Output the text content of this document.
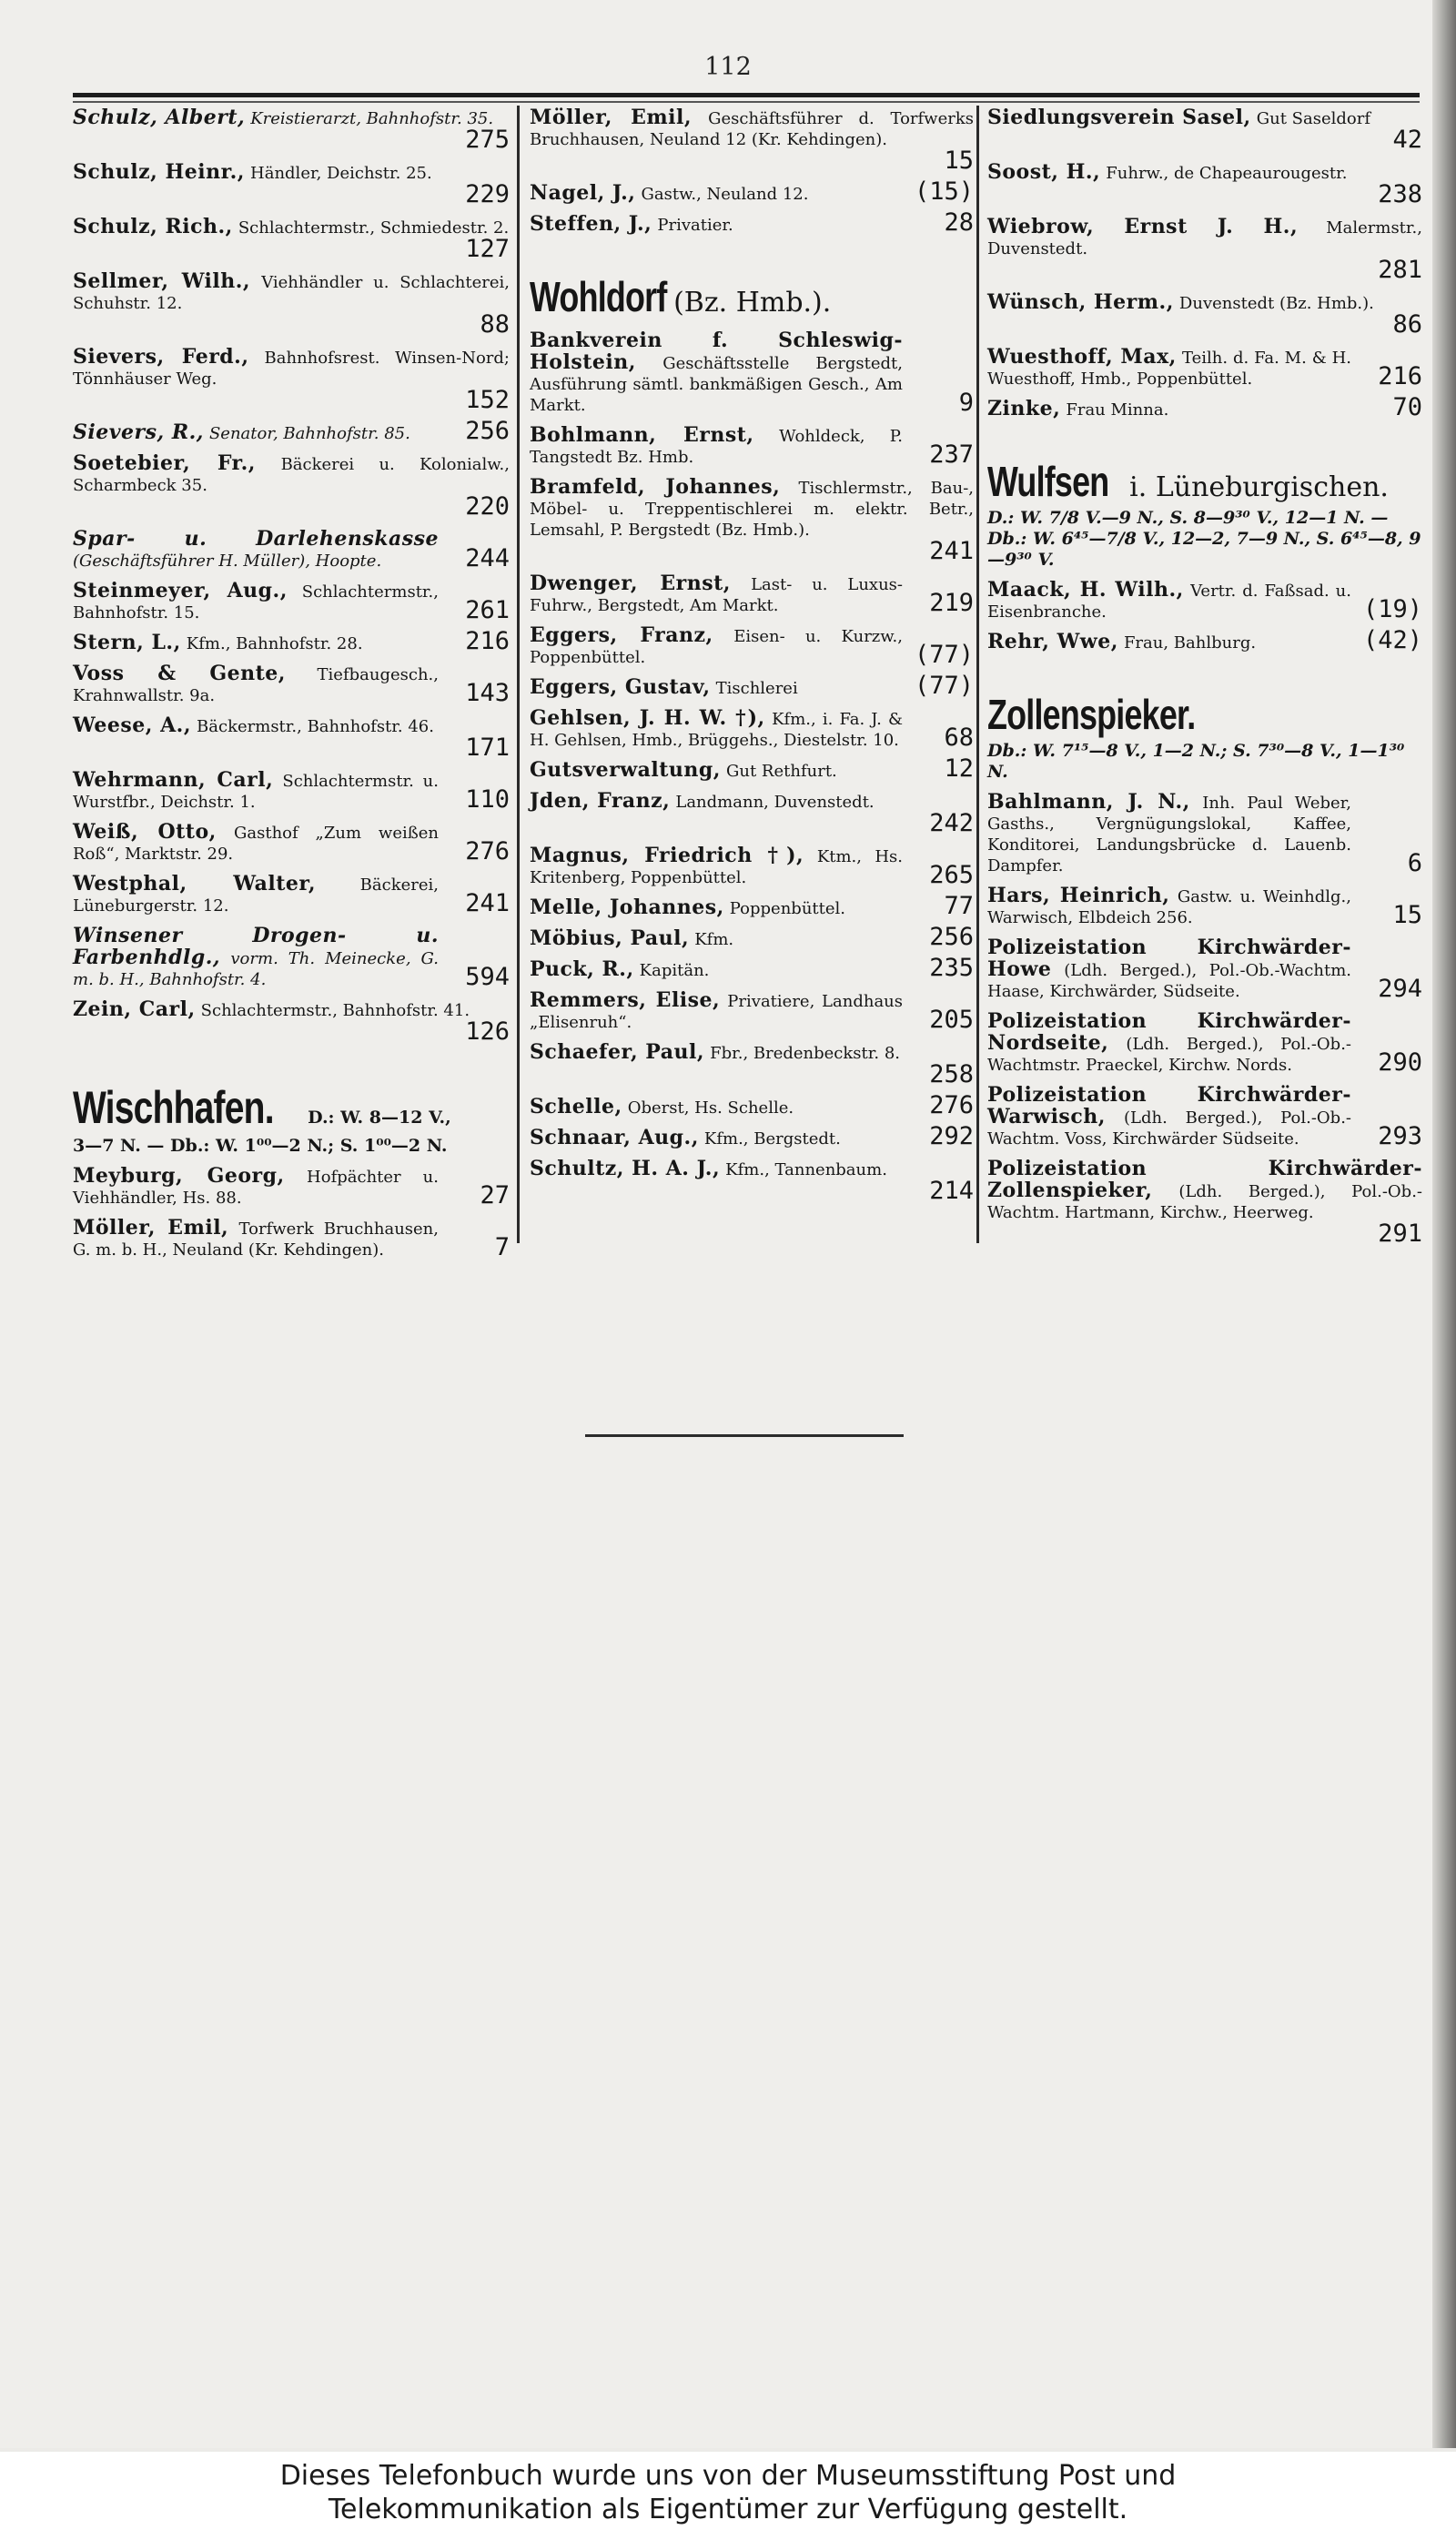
112
Schulz, Albert, Kreistierarzt, Bahnhofstr. 35.
275
Schulz, Heinr., Händler, Deichstr. 25.
229
Schulz, Rich., Schlachtermstr., Schmiedestr. 2.
127
Sellmer, Wilh., Viehhändler u. Schlachterei, Schuhstr. 12.
88
Sievers, Ferd., Bahnhofsrest. Winsen-Nord; Tönnhäuser Weg.
152
Sievers, R., Senator, Bahnhofstr. 85. 256
Soetebier, Fr., Bäckerei u. Kolonialw., Scharmbeck 35.
220
Spar- u. Darlehenskasse (Geschäftsführer H. Müller), Hoopte.	244
Steinmeyer, Aug., Schlachtermstr., Bahnhofstr. 15.	261
Stern, L., Kfm., Bahnhofstr. 28.	216
Voss & Gente, Tiefbaugesch., Krahnwallstr. 9a.	143
Weese, A., Bäckermstr., Bahnhofstr. 46.
171
Wehrmann, Carl, Schlachtermstr. u. Wurstfbr., Deichstr. 1.	110
Weiß, Otto, Gasthof „Zum weißen Roß“, Marktstr. 29.	276
Westphal, Walter,	Bäckerei, Lüneburgerstr. 12.	241
Winsener Drogen- u. Farbenhdlg., vorm. Th. Meinecke, G. m. b. H., Bahnhofstr. 4.	594
Zein, Carl, Schlachtermstr., Bahnhofstr. 41.
126
Wischhafen. D.: W. 8—12 V.,
3—7 N. — Db.: W. 1⁰⁰—2 N.; S. 1⁰⁰—2 N.
Meyburg, Georg, Hofpächter u. Viehhändler, Hs. 88.	27
Möller, Emil, Torfwerk Bruchhausen, G. m. b. H., Neuland (Kr. Kehdingen).	7
Möller, Emil, Geschäftsführer d. Torfwerks Bruchhausen, Neuland 12 (Kr. Kehdingen).
15
Nagel, J., Gastw., Neuland 12.	(15)
Steffen, J., Privatier.	28
Wohldorf (Bz. Hmb.).
Bankverein f. Schleswig-Holstein, Geschäftsstelle Bergstedt, Ausführung sämtl. bankmäßigen Gesch., Am Markt.	9
Bohlmann, Ernst, Wohldeck, P. Tangstedt Bz. Hmb.	237
Bramfeld, Johannes, Tischlermstr., Bau-, Möbel- u. Treppentischlerei m. elektr. Betr., Lemsahl, P. Bergstedt (Bz. Hmb.).
241
Dwenger, Ernst, Last- u. Luxus-Fuhrw., Bergstedt, Am Markt.	219
Eggers, Franz, Eisen- u. Kurzw., Poppenbüttel.	(77)
Eggers, Gustav, Tischlerei	(77)
Gehlsen, J. H. W. †), Kfm., i. Fa. J. & H. Gehlsen, Hmb., Brüggehs., Diestelstr. 10. 68
Gutsverwaltung, Gut Rethfurt.	12
Jden, Franz, Landmann, Duvenstedt.
242
Magnus, Friedrich †), Ktm., Hs. Kritenberg, Poppenbüttel.	265
Melle, Johannes, Poppenbüttel.	77
Möbius, Paul, Kfm.	256
Puck, R., Kapitän.	235
Remmers, Elise, Privatiere, Landhaus „Elisenruh“.	205
Schaefer, Paul, Fbr., Bredenbeckstr. 8.
258
Schelle, Oberst, Hs. Schelle.	276
Schnaar, Aug., Kfm., Bergstedt.	292
Schultz, H. A. J., Kfm., Tannenbaum.
214
Siedlungsverein Sasel, Gut Saseldorf
42
Soost, H., Fuhrw., de Chapeaurougestr.
238
Wiebrow, Ernst J. H., Malermstr., Duvenstedt.
281
Wünsch, Herm., Duvenstedt (Bz. Hmb.).
86
Wuesthoff, Max, Teilh. d. Fa. M. & H. Wuesthoff, Hmb., Poppenbüttel.	216
Zinke, Frau Minna.	70
Wulfsen i. Lüneburgischen.
D.: W. 7/8 V.—9 N., S. 8—9³⁰ V., 12—1 N. — Db.: W. 6⁴⁵—7/8 V., 12—2, 7—9 N., S. 6⁴⁵—8, 9—9³⁰ V.
Maack, H. Wilh., Vertr. d. Faßsad. u. Eisenbranche.	(19)
Rehr, Wwe, Frau, Bahlburg.	(42)
Zollenspieker.
Db.: W. 7¹⁵—8 V., 1—2 N.; S. 7³⁰—8 V., 1—1³⁰ N.
Bahlmann, J. N., Inh. Paul Weber, Gasths., Vergnügungslokal, Kaffee, Konditorei, Landungsbrücke d. Lauenb. Dampfer.	6
Hars, Heinrich, Gastw. u. Weinhdlg., Warwisch, Elbdeich 256.	15
Polizeistation Kirchwärder-Howe (Ldh. Berged.), Pol.-Ob.-Wachtm. Haase, Kirchwärder, Südseite.	294
Polizeistation Kirchwärder-Nordseite, (Ldh. Berged.), Pol.-Ob.-Wachtmstr. Praeckel, Kirchw. Nords.	290
Polizeistation Kirchwärder-Warwisch, (Ldh. Berged.), Pol.-Ob.-Wachtm. Voss, Kirchwärder Südseite.	293
Polizeistation Kirchwärder-Zollenspieker, (Ldh. Berged.), Pol.-Ob.-Wachtm. Hartmann, Kirchw., Heerweg.
291
Dieses Telefonbuch wurde uns von der Museumsstiftung Post und
Telekommunikation als Eigentümer zur Verfügung gestellt.
